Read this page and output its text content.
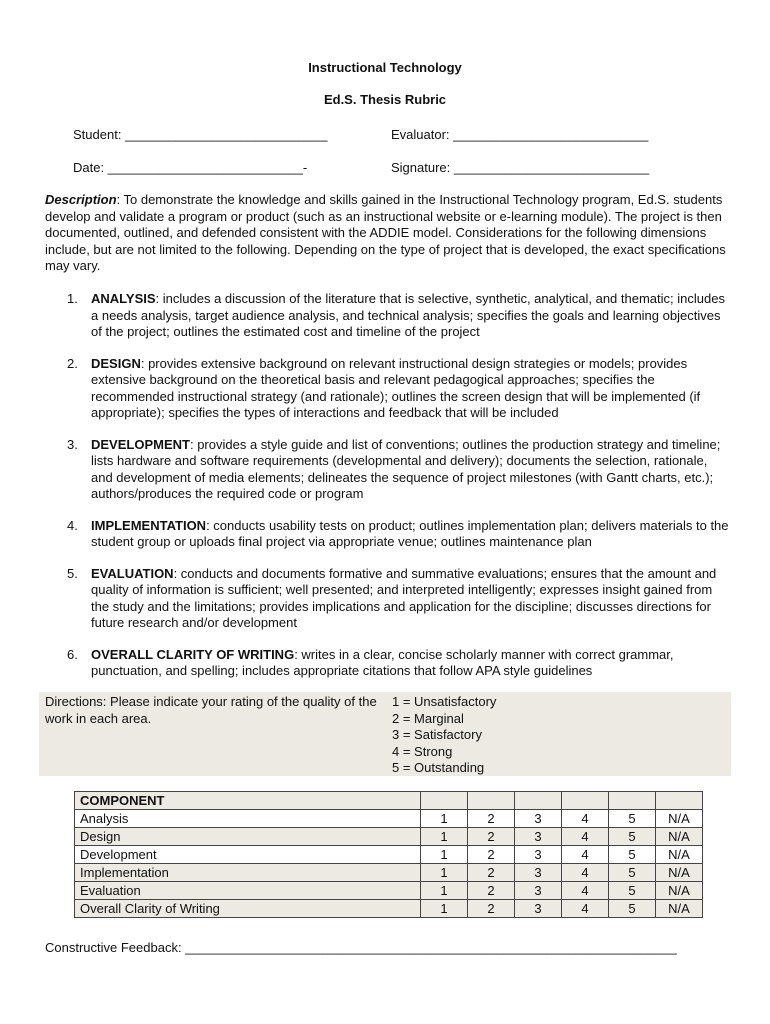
Instructional Technology
Ed.S. Thesis Rubric
Student: ____________________________	Evaluator: ___________________________
Date: ___________________________-	Signature: ___________________________
Description: To demonstrate the knowledge and skills gained in the Instructional Technology program, Ed.S. students develop and validate a program or product (such as an instructional website or e-learning module). The project is then documented, outlined, and defended consistent with the ADDIE model. Considerations for the following dimensions include, but are not limited to the following. Depending on the type of project that is developed, the exact specifications may vary.
1. ANALYSIS: includes a discussion of the literature that is selective, synthetic, analytical, and thematic; includes a needs analysis, target audience analysis, and technical analysis; specifies the goals and learning objectives of the project; outlines the estimated cost and timeline of the project
2. DESIGN: provides extensive background on relevant instructional design strategies or models; provides extensive background on the theoretical basis and relevant pedagogical approaches; specifies the recommended instructional strategy (and rationale); outlines the screen design that will be implemented (if appropriate); specifies the types of interactions and feedback that will be included
3. DEVELOPMENT: provides a style guide and list of conventions; outlines the production strategy and timeline; lists hardware and software requirements (developmental and delivery); documents the selection, rationale, and development of media elements; delineates the sequence of project milestones (with Gantt charts, etc.); authors/produces the required code or program
4. IMPLEMENTATION: conducts usability tests on product; outlines implementation plan; delivers materials to the student group or uploads final project via appropriate venue; outlines maintenance plan
5. EVALUATION: conducts and documents formative and summative evaluations; ensures that the amount and quality of information is sufficient; well presented; and interpreted intelligently; expresses insight gained from the study and the limitations; provides implications and application for the discipline; discusses directions for future research and/or development
6. OVERALL CLARITY OF WRITING: writes in a clear, concise scholarly manner with correct grammar, punctuation, and spelling; includes appropriate citations that follow APA style guidelines
Directions: Please indicate your rating of the quality of the work in each area.
1 = Unsatisfactory
2 = Marginal
3 = Satisfactory
4 = Strong
5 = Outstanding
COMPONENT						
Analysis	1	2	3	4	5	N/A
Design	1	2	3	4	5	N/A
Development	1	2	3	4	5	N/A
Implementation	1	2	3	4	5	N/A
Evaluation	1	2	3	4	5	N/A
Overall Clarity of Writing	1	2	3	4	5	N/A
Constructive Feedback: ____________________________________________________________________
